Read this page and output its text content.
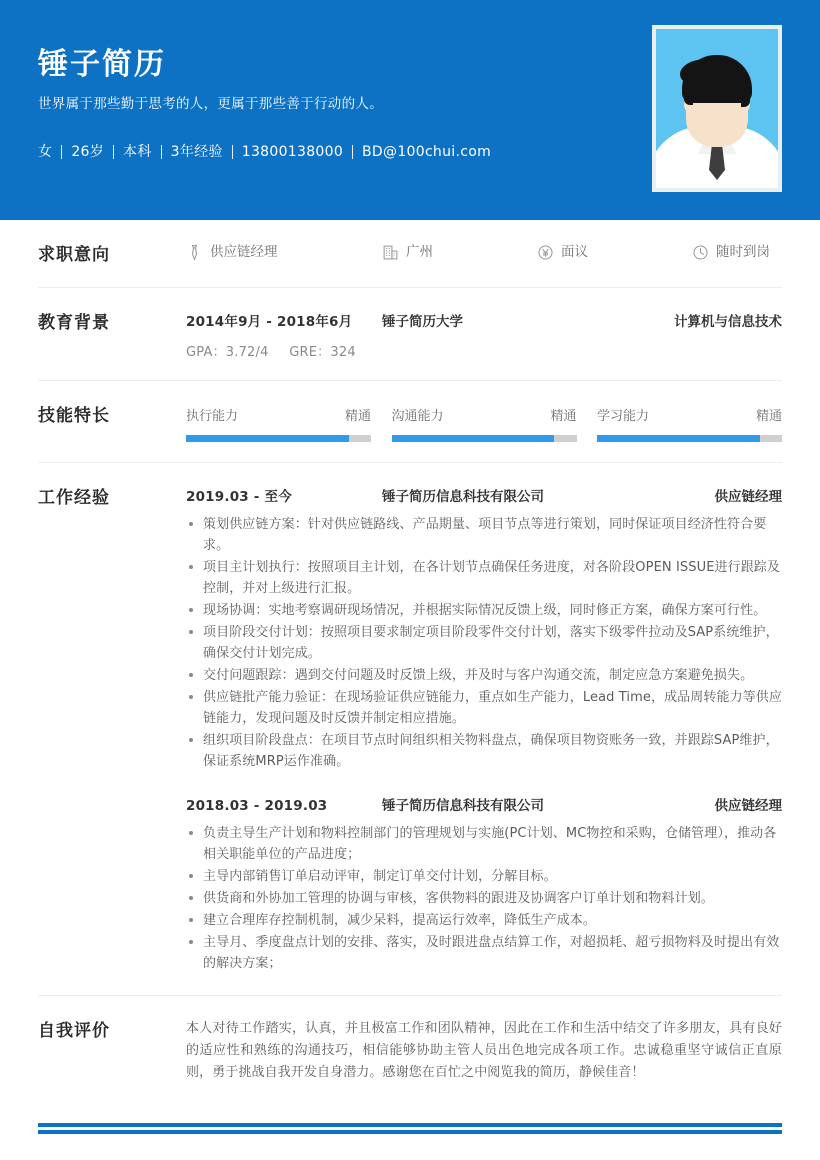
锤子简历
世界属于那些勤于思考的人，更属于那些善于行动的人。
女 26岁 本科 3年经验 13800138000 BD@100chui.com
求职意向	供应链经理	广州	面议	随时到岗
教育背景	2014年9月 - 2018年6月	锤子简历大学	计算机与信息技术
GPA：3.72/4 GRE：324
技能特长	执行能力	精通 沟通能力	精通 学习能力	精通
工作经验	2019.03 - 至今	锤子简历信息科技有限公司	供应链经理
策划供应链方案：针对供应链路线、产品期量、项目节点等进行策划，同时保证项目经济性符合要求。
项目主计划执行：按照项目主计划，在各计划节点确保任务进度，对各阶段OPEN ISSUE进行跟踪及控制，并对上级进行汇报。
现场协调：实地考察调研现场情况，并根据实际情况反馈上级，同时修正方案，确保方案可行性。
项目阶段交付计划：按照项目要求制定项目阶段零件交付计划，落实下级零件拉动及SAP系统维护，确保交付计划完成。
交付问题跟踪：遇到交付问题及时反馈上级，并及时与客户沟通交流，制定应急方案避免损失。
供应链批产能力验证：在现场验证供应链能力，重点如生产能力，Lead Time，成品周转能力等供应链能力，发现问题及时反馈并制定相应措施。
组织项目阶段盘点：在项目节点时间组织相关物料盘点，确保项目物资账务一致，并跟踪SAP维护，保证系统MRP运作准确。
2018.03 - 2019.03	锤子简历信息科技有限公司	供应链经理
负责主导生产计划和物料控制部门的管理规划与实施(PC计划、MC物控和采购，仓储管理），推动各相关职能单位的产品进度；
主导内部销售订单启动评审，制定订单交付计划，分解目标。
供货商和外协加工管理的协调与审核，客供物料的跟进及协调客户订单计划和物料计划。
建立合理库存控制机制，减少呆料，提高运行效率，降低生产成本。
主导月、季度盘点计划的安排、落实，及时跟进盘点结算工作，对超损耗、超亏损物料及时提出有效的解决方案；
自我评价	本人对待工作踏实，认真，并且极富工作和团队精神，因此在工作和生活中结交了许多朋友，具有良好的适应性和熟练的沟通技巧，相信能够协助主管人员出色地完成各项工作。忠诚稳重坚守诚信正直原则，勇于挑战自我开发自身潜力。感谢您在百忙之中阅览我的简历，静候佳音！
